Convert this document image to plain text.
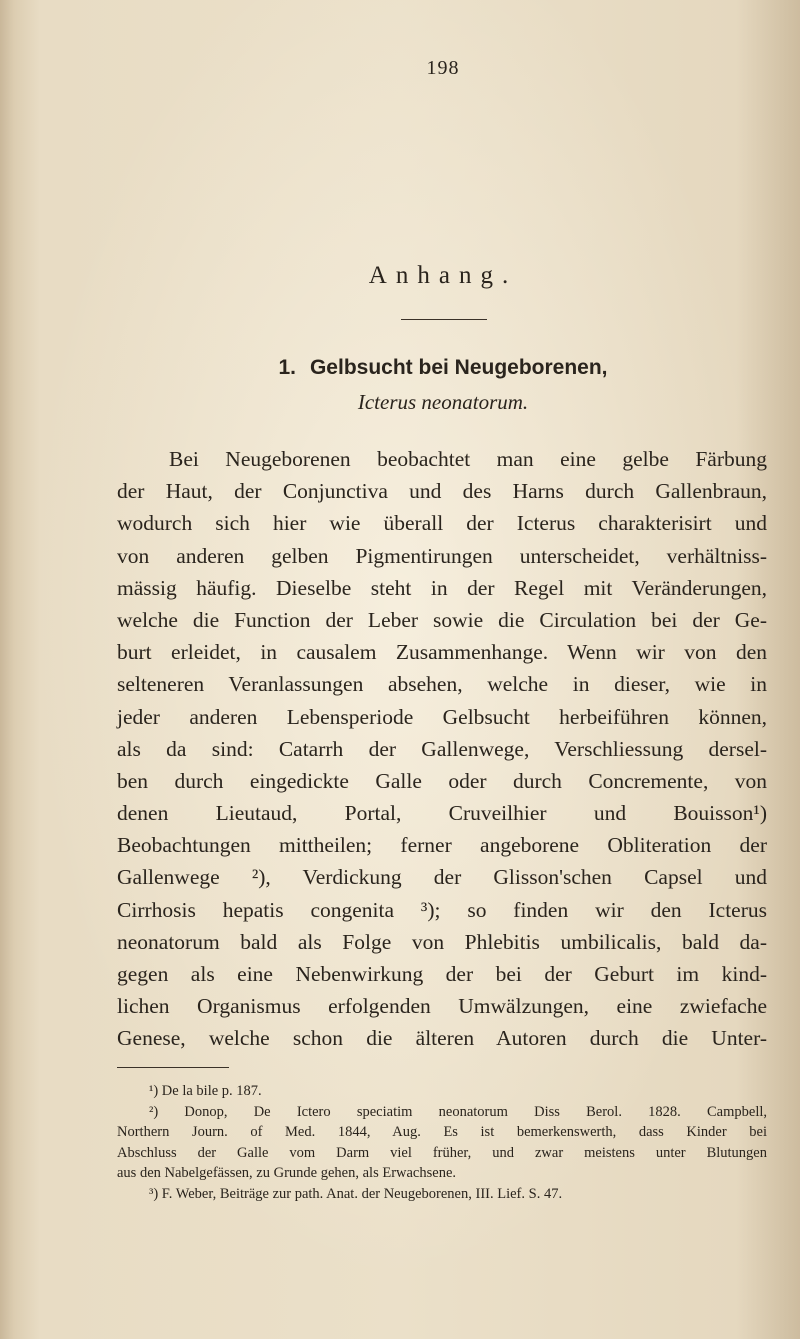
198
Anhang.
1. Gelbsucht bei Neugeborenen,
Icterus neonatorum.
Bei Neugeborenen beobachtet man eine gelbe Färbung
der Haut, der Conjunctiva und des Harns durch Gallenbraun,
wodurch sich hier wie überall der Icterus charakterisirt und
von anderen gelben Pigmentirungen unterscheidet, verhältniss-
mässig häufig. Dieselbe steht in der Regel mit Veränderungen,
welche die Function der Leber sowie die Circulation bei der Ge-
burt erleidet, in causalem Zusammenhange. Wenn wir von den
selteneren Veranlassungen absehen, welche in dieser, wie in
jeder anderen Lebensperiode Gelbsucht herbeiführen können,
als da sind: Catarrh der Gallenwege, Verschliessung dersel-
ben durch eingedickte Galle oder durch Concremente, von
denen Lieutaud, Portal, Cruveilhier und Bouisson¹)
Beobachtungen mittheilen; ferner angeborene Obliteration der
Gallenwege ²), Verdickung der Glisson'schen Capsel und
Cirrhosis hepatis congenita ³); so finden wir den Icterus
neonatorum bald als Folge von Phlebitis umbilicalis, bald da-
gegen als eine Nebenwirkung der bei der Geburt im kind-
lichen Organismus erfolgenden Umwälzungen, eine zwiefache
Genese, welche schon die älteren Autoren durch die Unter-
¹) De la bile p. 187.
²) Donop, De Ictero speciatim neonatorum Diss Berol. 1828. Campbell,
Northern Journ. of Med. 1844, Aug. Es ist bemerkenswerth, dass Kinder bei
Abschluss der Galle vom Darm viel früher, und zwar meistens unter Blutungen
aus den Nabelgefässen, zu Grunde gehen, als Erwachsene.
³) F. Weber, Beiträge zur path. Anat. der Neugeborenen, III. Lief. S. 47.
